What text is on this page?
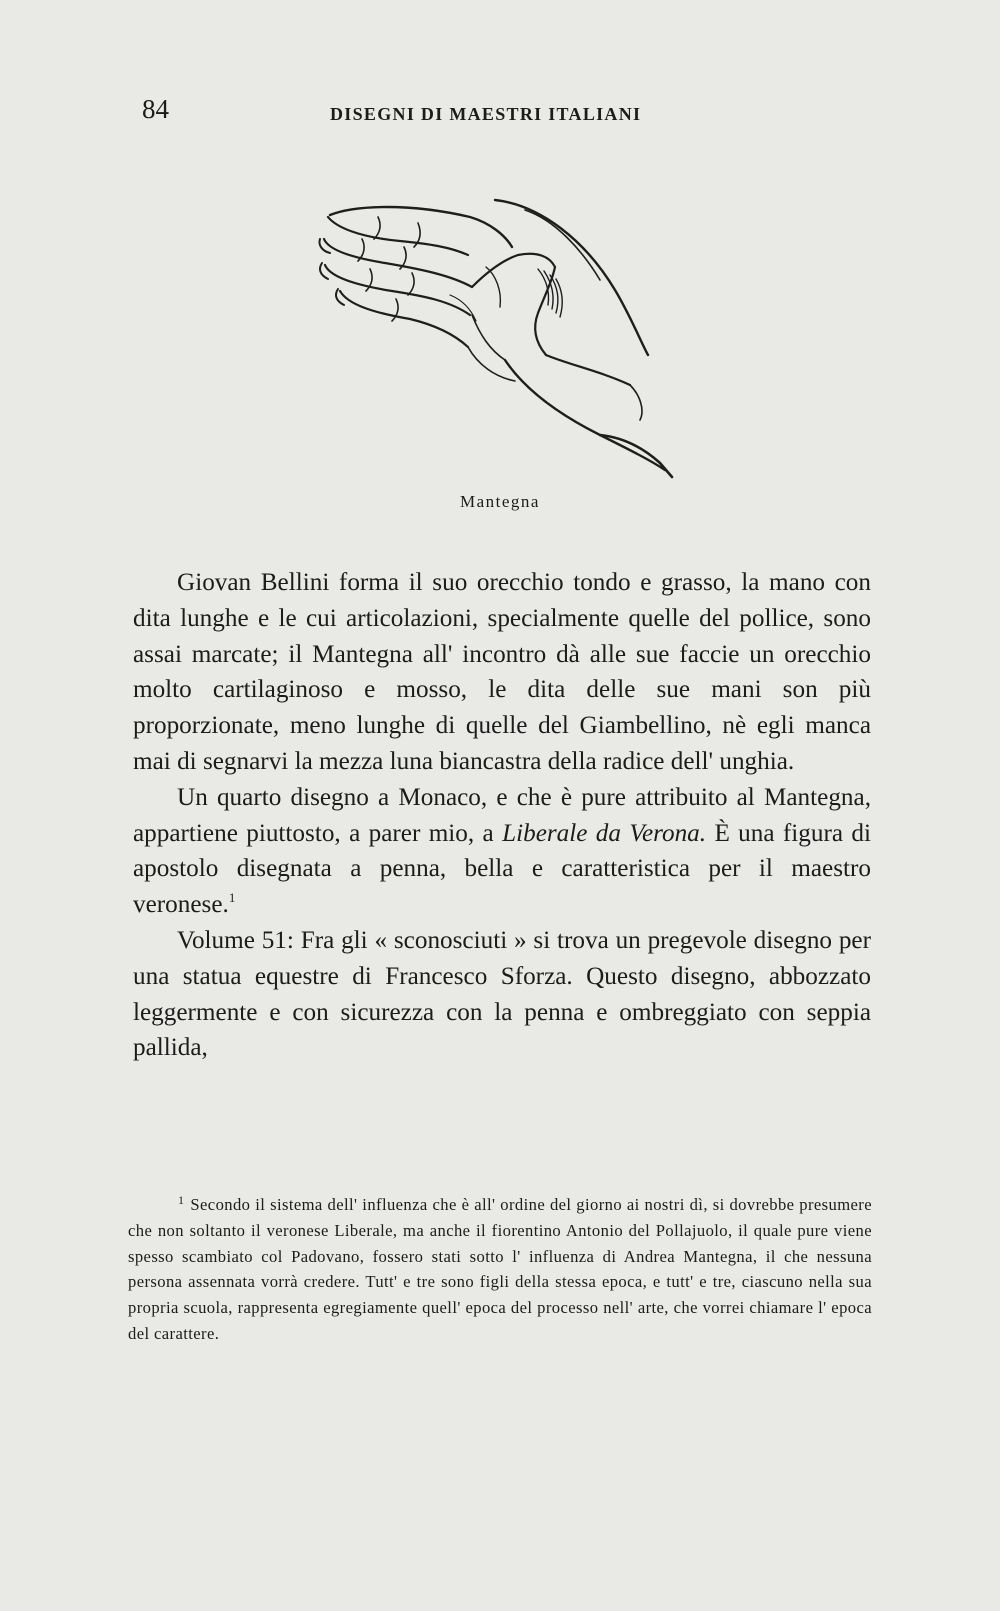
84	DISEGNI DI MAESTRI ITALIANI
Mantegna

Giovan Bellini forma il suo orecchio tondo e grasso, la mano con dita lunghe e le cui articolazioni, specialmente quelle del pollice, sono assai marcate; il Mantegna all' incontro dà alle sue faccie un orecchio molto cartilaginoso e mosso, le dita delle sue mani son più proporzionate, meno lunghe di quelle del Giambellino, nè egli manca mai di segnarvi la mezza luna biancastra della radice dell' unghia.

Un quarto disegno a Monaco, e che è pure attribuito al Mantegna, appartiene piuttosto, a parer mio, a Liberale da Verona. È una figura di apostolo disegnata a penna, bella e caratteristica per il maestro veronese.$^1$

Volume 51: Fra gli « sconosciuti » si trova un pregevole disegno per una statua equestre di Francesco Sforza. Questo disegno, abbozzato leggermente e con sicurezza con la penna e ombreggiato con seppia pallida,

$^1$ Secondo il sistema dell' influenza che è all' ordine del giorno ai nostri dì, si dovrebbe presumere che non soltanto il veronese Liberale, ma anche il fiorentino Antonio del Pollajuolo, il quale pure viene spesso scambiato col Padovano, fossero stati sotto l' influenza di Andrea Mantegna, il che nessuna persona assennata vorrà credere. Tutt' e tre sono figli della stessa epoca, e tutt' e tre, ciascuno nella sua propria scuola, rappresenta egregiamente quell' epoca del processo nell' arte, che vorrei chiamare l' epoca del carattere.
